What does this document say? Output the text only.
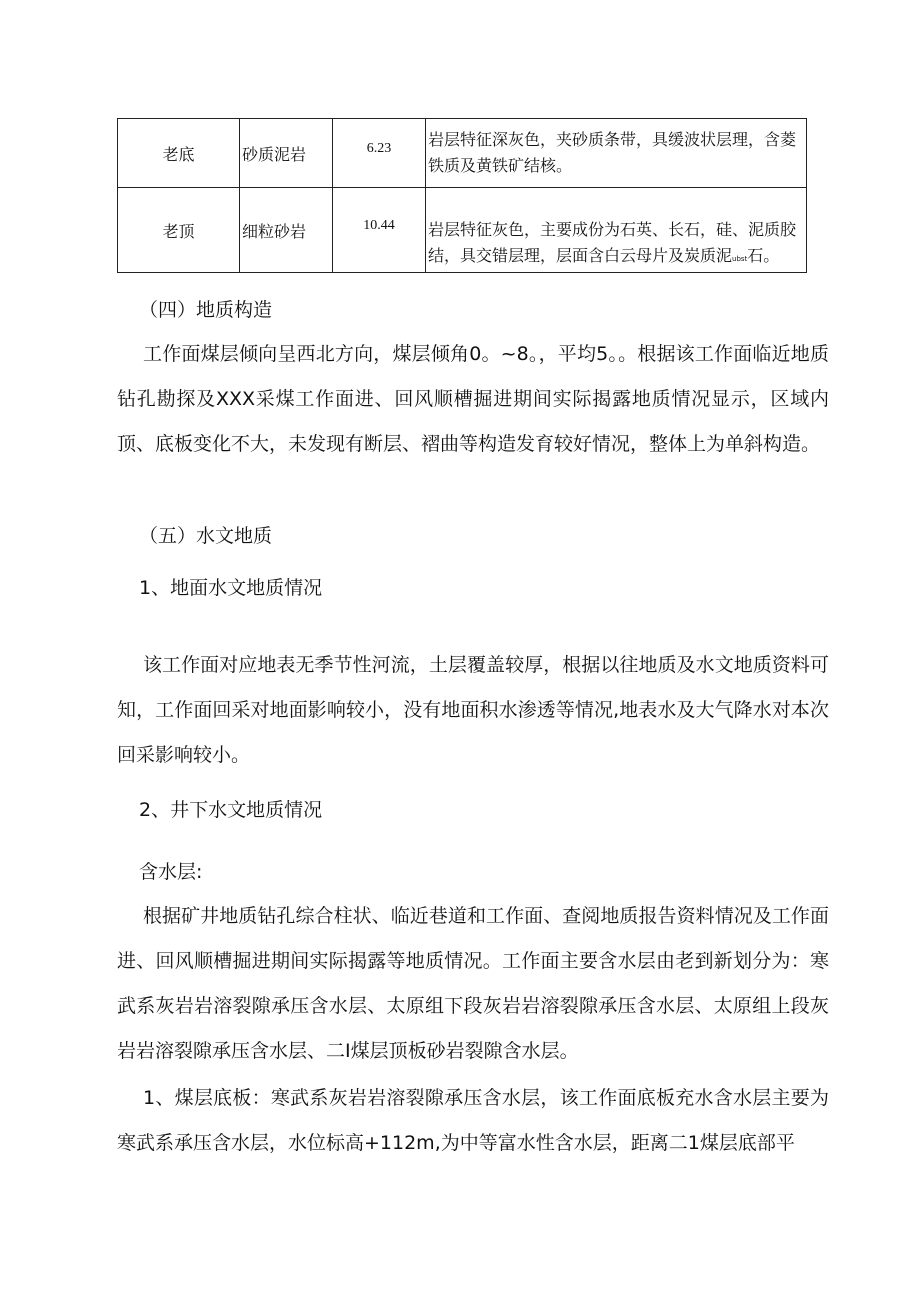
老底	砂质泥岩	6.23	岩层特征深灰色，夹砂质条带，具缓波状层理，含菱铁质及黄铁矿结核。
老顶	细粒砂岩	10.44	岩层特征灰色，主要成份为石英、长石，硅、泥质胶结，具交错层理，层面含白云母片及炭质泥ubst石。

（四）地质构造

工作面煤层倾向呈西北方向，煤层倾角0。~8。，平均5。。根据该工作面临近地质钻孔勘探及XXX采煤工作面进、回风顺槽掘进期间实际揭露地质情况显示，区域内顶、底板变化不大，未发现有断层、褶曲等构造发育较好情况，整体上为单斜构造。

（五）水文地质

1、地面水文地质情况

该工作面对应地表无季节性河流，土层覆盖较厚，根据以往地质及水文地质资料可知，工作面回采对地面影响较小，没有地面积水渗透等情况,地表水及大气降水对本次回采影响较小。

2、井下水文地质情况

含水层:

根据矿井地质钻孔综合柱状、临近巷道和工作面、查阅地质报告资料情况及工作面进、回风顺槽掘进期间实际揭露等地质情况。工作面主要含水层由老到新划分为：寒武系灰岩岩溶裂隙承压含水层、太原组下段灰岩岩溶裂隙承压含水层、太原组上段灰岩岩溶裂隙承压含水层、二I煤层顶板砂岩裂隙含水层。

1、煤层底板：寒武系灰岩岩溶裂隙承压含水层，该工作面底板充水含水层主要为寒武系承压含水层，水位标高+112m,为中等富水性含水层，距离二1煤层底部平
